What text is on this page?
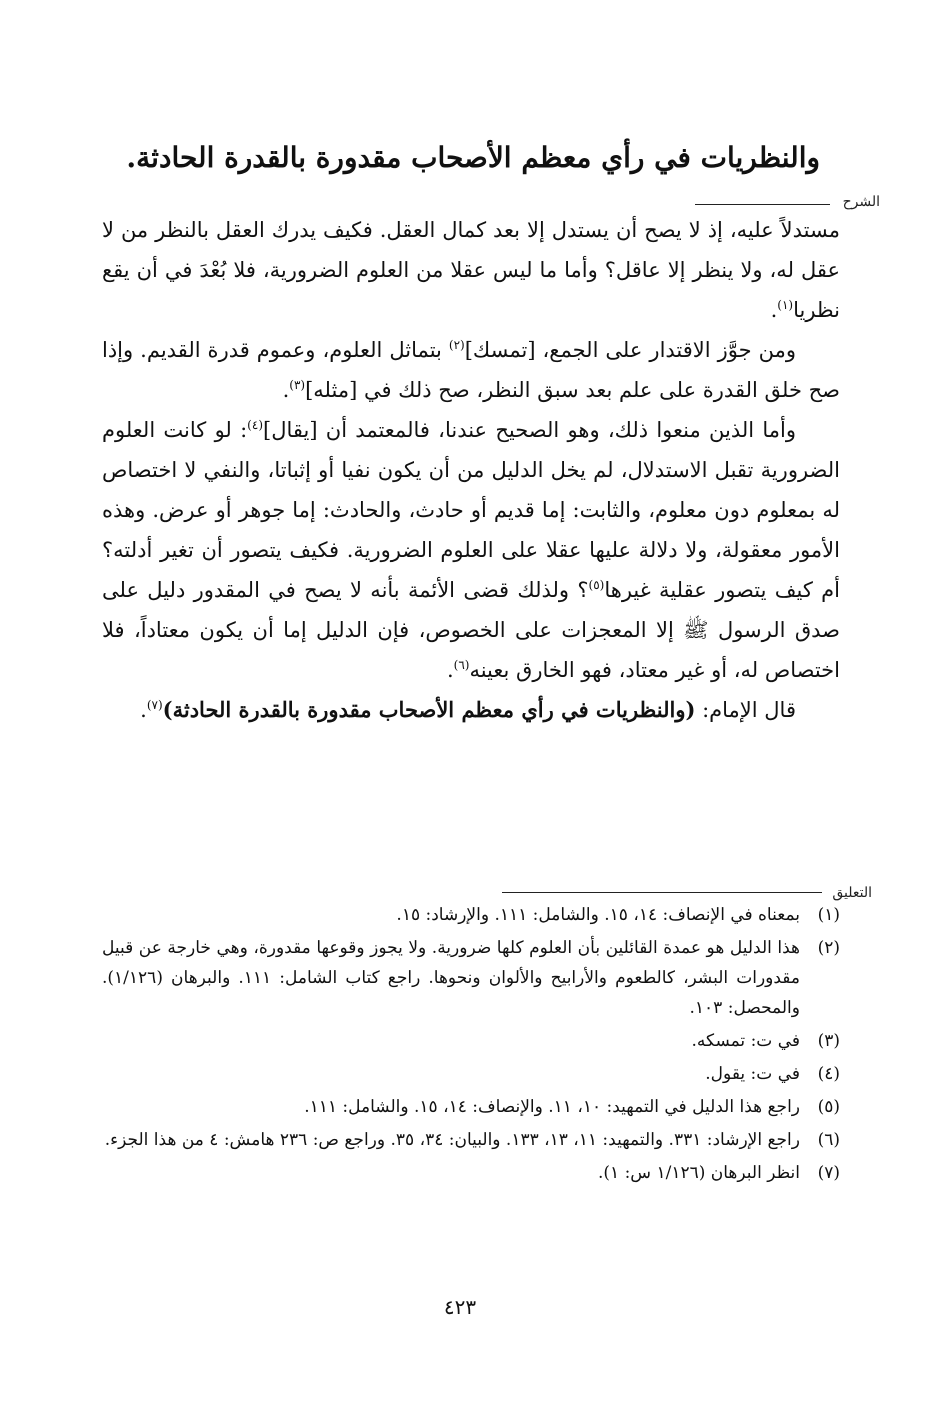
والنظريات في رأي معظم الأصحاب مقدورة بالقدرة الحادثة.
الشرح

مستدلاً عليه، إذ لا يصح أن يستدل إلا بعد كمال العقل. فكيف يدرك العقل بالنظر من لا عقل له، ولا ينظر إلا عاقل؟ وأما ما ليس عقلا من العلوم الضرورية، فلا بُعْدَ في أن يقع نظريا$^{(١)}$.

ومن جوَّز الاقتدار على الجمع، [تمسك]$^{(٢)}$ بتماثل العلوم، وعموم قدرة القديم. وإذا صح خلق القدرة على علم بعد سبق النظر، صح ذلك في [مثله]$^{(٣)}$.

وأما الذين منعوا ذلك، وهو الصحيح عندنا، فالمعتمد أن [يقال]$^{(٤)}$: لو كانت العلوم الضرورية تقبل الاستدلال، لم يخل الدليل من أن يكون نفيا أو إثباتا، والنفي لا اختصاص له بمعلوم دون معلوم، والثابت: إما قديم أو حادث، والحادث: إما جوهر أو عرض. وهذه الأمور معقولة، ولا دلالة عليها عقلا على العلوم الضرورية. فكيف يتصور أن تغير أدلته؟ أم كيف يتصور عقلية غيرها$^{(٥)}$؟ ولذلك قضى الأئمة بأنه لا يصح في المقدور دليل على صدق الرسول ﷺ إلا المعجزات على الخصوص، فإن الدليل إما أن يكون معتاداً، فلا اختصاص له، أو غير معتاد، فهو الخارق بعينه$^{(٦)}$.

قال الإمام: (والنظريات في رأي معظم الأصحاب مقدورة بالقدرة الحادثة)$^{(٧)}$.

التعليق
(١)
بمعناه في الإنصاف: ١٤، ١٥. والشامل: ١١١. والإرشاد: ١٥.
(٢)
هذا الدليل هو عمدة القائلين بأن العلوم كلها ضرورية. ولا يجوز وقوعها مقدورة، وهي خارجة عن قبيل مقدورات البشر، كالطعوم والأرابيح والألوان ونحوها. راجع كتاب الشامل: ١١١. والبرهان (١/١٢٦). والمحصل: ١٠٣.
(٣)
في ت: تمسكه.
(٤)
في ت: يقول.
(٥)
راجع هذا الدليل في التمهيد: ١٠، ١١. والإنصاف: ١٤، ١٥. والشامل: ١١١.
(٦)
راجع الإرشاد: ٣٣١. والتمهيد: ١١، ١٣، ١٣٣. والبيان: ٣٤، ٣٥. وراجع ص: ٢٣٦ هامش: ٤ من هذا الجزء.
(٧)
انظر البرهان (١/١٢٦ س: ١).
٤٢٣
